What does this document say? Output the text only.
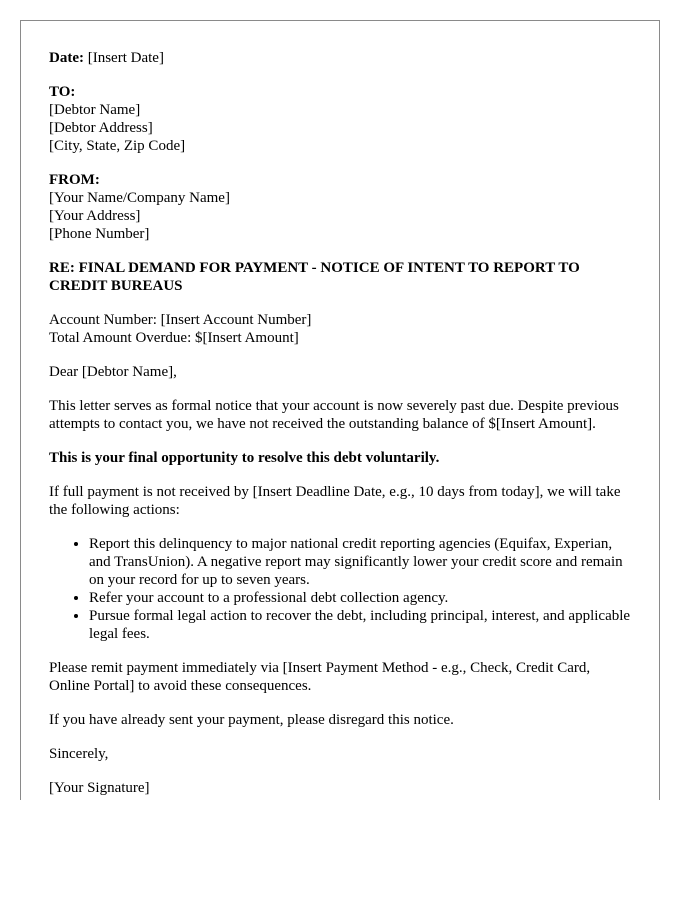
Date: [Insert Date]

TO:
[Debtor Name]
[Debtor Address]
[City, State, Zip Code]

FROM:
[Your Name/Company Name]
[Your Address]
[Phone Number]

RE: FINAL DEMAND FOR PAYMENT - NOTICE OF INTENT TO REPORT TO CREDIT BUREAUS

Account Number: [Insert Account Number]
Total Amount Overdue: $[Insert Amount]

Dear [Debtor Name],

This letter serves as formal notice that your account is now severely past due. Despite previous attempts to contact you, we have not received the outstanding balance of $[Insert Amount].

This is your final opportunity to resolve this debt voluntarily.

If full payment is not received by [Insert Deadline Date, e.g., 10 days from today], we will take the following actions:

• Report this delinquency to major national credit reporting agencies (Equifax, Experian, and TransUnion). A negative report may significantly lower your credit score and remain on your record for up to seven years.
• Refer your account to a professional debt collection agency.
• Pursue formal legal action to recover the debt, including principal, interest, and applicable legal fees.

Please remit payment immediately via [Insert Payment Method - e.g., Check, Credit Card, Online Portal] to avoid these consequences.

If you have already sent your payment, please disregard this notice.

Sincerely,

[Your Signature]
